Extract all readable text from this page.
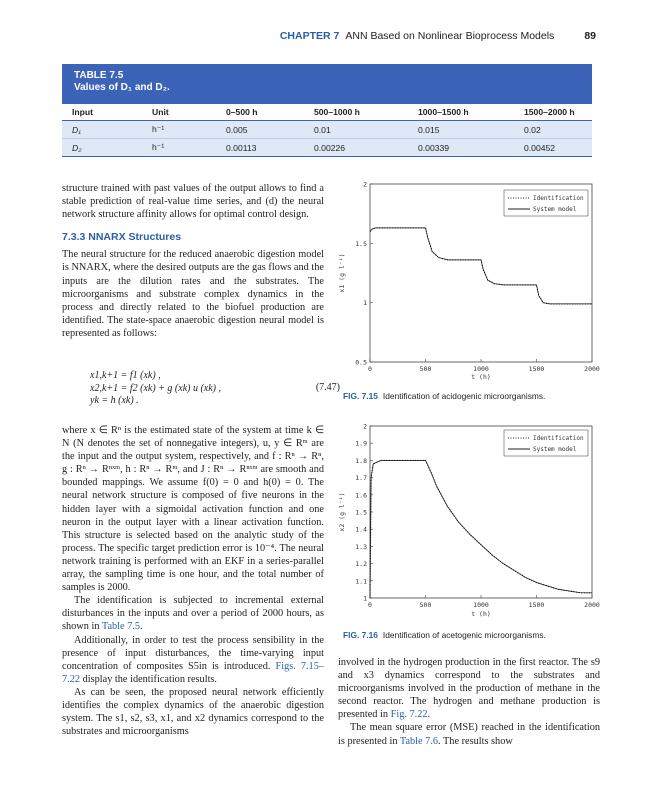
CHAPTER 7 ANN Based on Nonlinear Bioprocess Models	89
TABLE 7.5
Values of D₁ and D₂.
Input	Unit	0–500 h	500–1000 h	1000–1500 h	1500–2000 h
D₁	h⁻¹	0.005	0.01	0.015	0.02
D₂	h⁻¹	0.00113	0.00226	0.00339	0.00452

structure trained with past values of the output allows to find a stable prediction of real-value time series, and (d) the neural network structure affinity allows for optimal control design.

7.3.3 NNARX Structures

The neural structure for the reduced anaerobic digestion model is NNARX, where the desired outputs are the gas flows and the inputs are the dilution rates and the substrates. The microorganisms and substrate complex dynamics in the process and directly related to the biofuel production are identified. The state-space anaerobic digestion neural model is represented as follows:

x1,k+1 = f1 (xk) ,
x2,k+1 = f2 (xk) + g (xk) u (xk) ,
yk = h (xk) .
(7.47)

where x ∈ Rⁿ is the estimated state of the system at time k ∈ N (N denotes the set of nonnegative integers), u, y ∈ Rᵐ are the input and the output system, respectively, and f : Rⁿ → Rⁿ, g : Rⁿ → Rⁿˣᵐ, h : Rⁿ → Rᵐ, and J : Rⁿ → Rⁿˣᵐ are smooth and bounded mappings. We assume f(0) = 0 and h(0) = 0. The neural network structure is composed of five neurons in the hidden layer with a sigmoidal activation function and one neuron in the output layer with a linear activation function. This structure is selected based on the analytic study of the process. The specific target prediction error is 10⁻⁴. The neural network training is performed with an EKF in a series-parallel array, the sampling time is one hour, and the total number of samples is 2000.

The identification is subjected to incremental external disturbances in the inputs and over a period of 2000 hours, as shown in Table 7.5.

Additionally, in order to test the process sensibility in the presence of input disturbances, the time-varying input concentration of composites S5in is introduced. Figs. 7.15–7.22 display the identification results.

As can be seen, the proposed neural network efficiently identifies the complex dynamics of the anaerobic digestion system. The s1, s2, s3, x1, and x2 dynamics correspond to the substrates and microorganisms

0	500	1000	1500	2000
0.5
1
1.5
2
Identification
System model
t (h)
x1 (g l⁻¹)
FIG. 7.15 Identification of acidogenic microorganisms.
0	500	1000	1500	2000
1
1.1
1.2
1.3
1.4
1.5
1.6
1.7
1.8
1.9
2
Identification
System model
t (h)
x2 (g l⁻¹)
FIG. 7.16 Identification of acetogenic microorganisms.

involved in the hydrogen production in the first reactor. The s9 and x3 dynamics correspond to the substrates and microorganisms involved in the production of methane in the second reactor. The hydrogen and methane production is presented in Fig. 7.22.

The mean square error (MSE) reached in the identification is presented in Table 7.6. The results show
